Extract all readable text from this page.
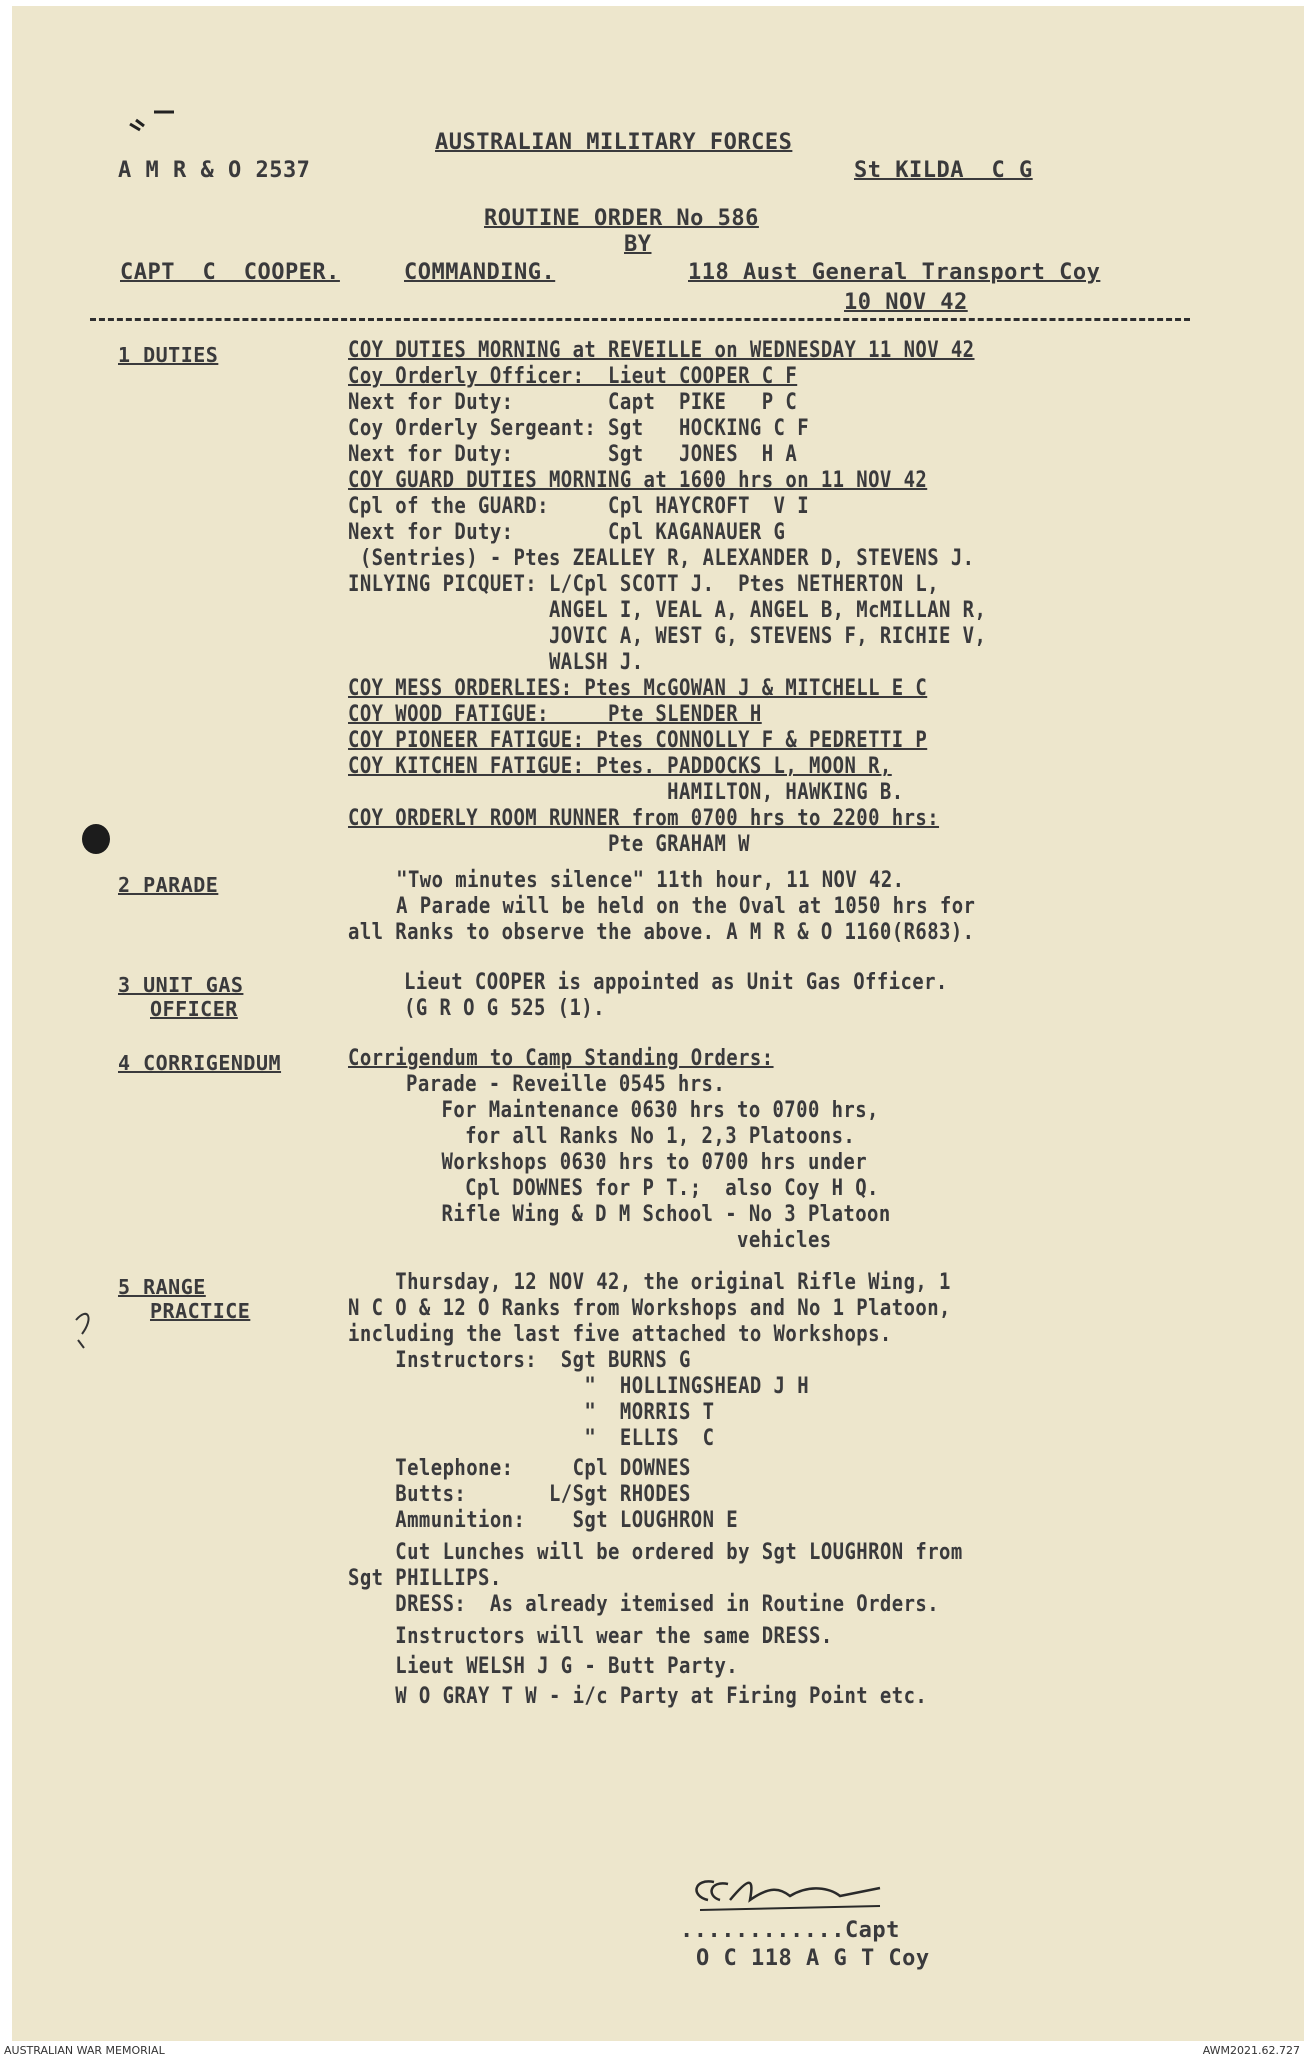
AUSTRALIAN MILITARY FORCES
A M R & O 2537	St KILDA  C G
ROUTINE ORDER No 586
BY
CAPT  C  COOPER.	COMMANDING.	118 Aust General Transport Coy
10 NOV 42
1 DUTIES	COY DUTIES MORNING at REVEILLE on WEDNESDAY 11 NOV 42
Coy Orderly Officer:  Lieut COOPER C F
Next for Duty:        Capt  PIKE   P C
Coy Orderly Sergeant: Sgt   HOCKING C F
Next for Duty:        Sgt   JONES  H A
COY GUARD DUTIES MORNING at 1600 hrs on 11 NOV 42
Cpl of the GUARD:     Cpl HAYCROFT  V I
Next for Duty:        Cpl KAGANAUER G
(Sentries) - Ptes ZEALLEY R, ALEXANDER D, STEVENS J.
INLYING PICQUET: L/Cpl SCOTT J.  Ptes NETHERTON L,
ANGEL I, VEAL A, ANGEL B, McMILLAN R,
JOVIC A, WEST G, STEVENS F, RICHIE V,
WALSH J.
COY MESS ORDERLIES: Ptes McGOWAN J & MITCHELL E C
COY WOOD FATIGUE:     Pte SLENDER H
COY PIONEER FATIGUE: Ptes CONNOLLY F & PEDRETTI P
COY KITCHEN FATIGUE: Ptes. PADDOCKS L, MOON R,
HAMILTON, HAWKING B.
COY ORDERLY ROOM RUNNER from 0700 hrs to 2200 hrs:
Pte GRAHAM W
2 PARADE	"Two minutes silence" 11th hour, 11 NOV 42.
A Parade will be held on the Oval at 1050 hrs for
all Ranks to observe the above. A M R & O 1160(R683).
3 UNIT GAS
OFFICER
Lieut COOPER is appointed as Unit Gas Officer.
(G R O G 525 (1).
4 CORRIGENDUM	Corrigendum to Camp Standing Orders:
Parade - Reveille 0545 hrs.
For Maintenance 0630 hrs to 0700 hrs,
for all Ranks No 1, 2,3 Platoons.
Workshops 0630 hrs to 0700 hrs under
Cpl DOWNES for P T.;  also Coy H Q.
Rifle Wing & D M School - No 3 Platoon
vehicles
5 RANGE
PRACTICE
Thursday, 12 NOV 42, the original Rifle Wing, 1
N C O & 12 O Ranks from Workshops and No 1 Platoon,
including the last five attached to Workshops.
Instructors:  Sgt BURNS G
"  HOLLINGSHEAD J H
"  MORRIS T
"  ELLIS  C
Telephone:     Cpl DOWNES
Butts:       L/Sgt RHODES
Ammunition:    Sgt LOUGHRON E
Cut Lunches will be ordered by Sgt LOUGHRON from
Sgt PHILLIPS.
DRESS:  As already itemised in Routine Orders.
Instructors will wear the same DRESS.
Lieut WELSH J G - Butt Party.
W O GRAY T W - i/c Party at Firing Point etc.
............Capt
O C 118 A G T Coy
AUSTRALIAN WAR MEMORIAL	AWM2021.62.727
